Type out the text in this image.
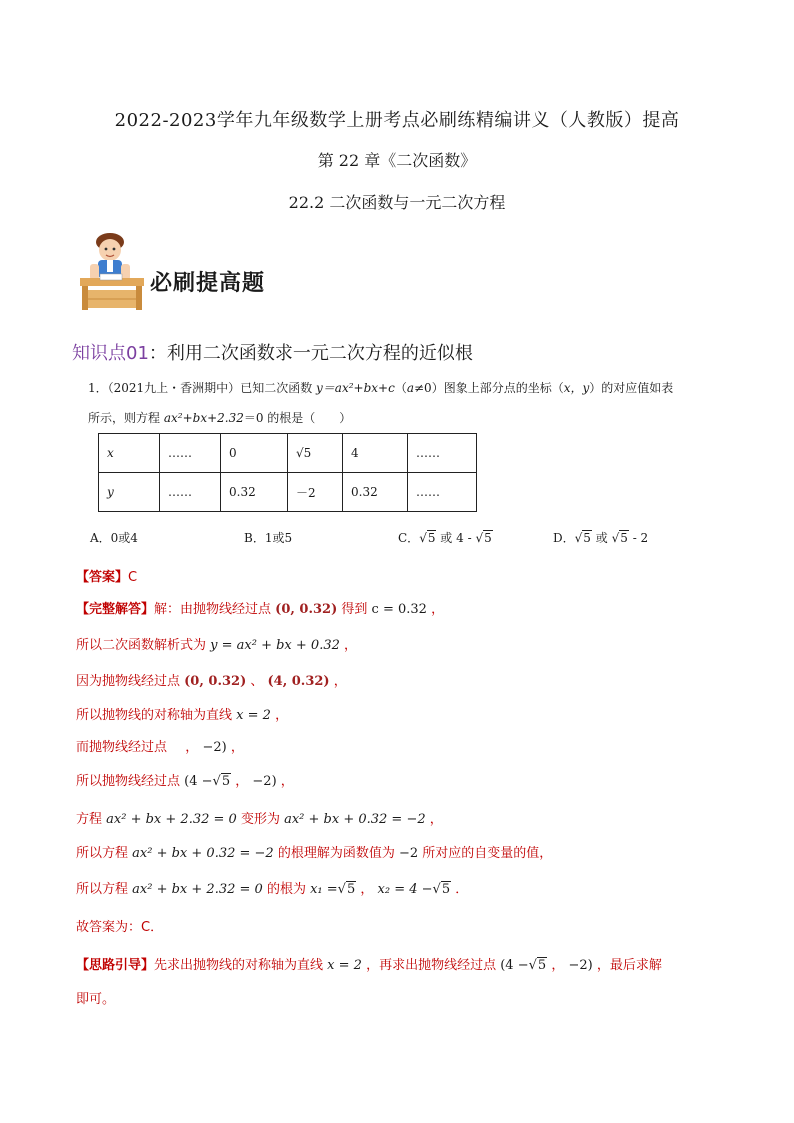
2022-2023学年九年级数学上册考点必刷练精编讲义（人教版）提高
第 22 章《二次函数》
22.2 二次函数与一元二次方程
必刷提高题
知识点01：利用二次函数求一元二次方程的近似根
1．（2021九上・香洲期中）已知二次函数 y＝ax²+bx+c（a≠0）图象上部分点的坐标（x，y）的对应值如表
所示，则方程 ax²+bx+2.32＝0 的根是（　　）
x	……	0	√5	4	……
y	……	0.32	－2	0.32	……
A．0或4	B．1或5	C．√5 或 4 - √5	D．√5 或 √5 - 2
【答案】C
【完整解答】解：由抛物线经过点 (0, 0.32) 得到 c = 0.32 ，
所以二次函数解析式为 y = ax² + bx + 0.32 ，
因为抛物线经过点 (0, 0.32) 、 (4, 0.32) ，
所以抛物线的对称轴为直线 x = 2 ，
而抛物线经过点 ， −2) ，
所以抛物线经过点 (4 −√5 ， −2) ，
方程 ax² + bx + 2.32 = 0 变形为 ax² + bx + 0.32 = −2 ，
所以方程 ax² + bx + 0.32 = −2 的根理解为函数值为 −2 所对应的自变量的值，
所以方程 ax² + bx + 2.32 = 0 的根为 x₁ =√5 ， x₂ = 4 −√5 ．
故答案为：C．
【思路引导】先求出抛物线的对称轴为直线 x = 2 ，再求出抛物线经过点 (4 −√5 ， −2) ，最后求解
即可。
